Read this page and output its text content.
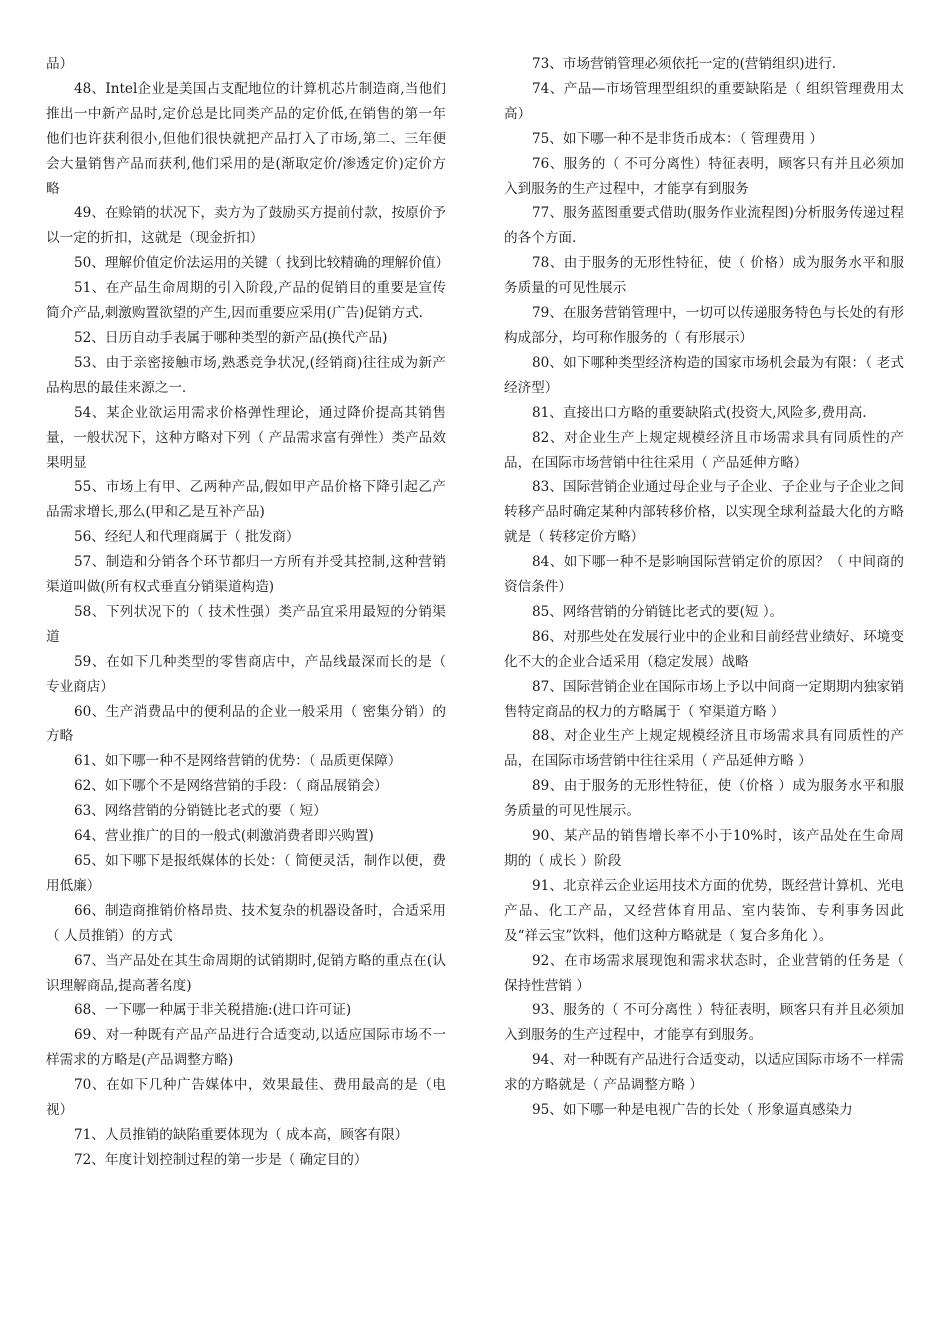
品）

48、Intel企业是美国占支配地位的计算机芯片制造商,当他们推出一中新产品时,定价总是比同类产品的定价低,在销售的第一年他们也许获利很小,但他们很快就把产品打入了市场,第二、三年便会大量销售产品而获利,他们采用的是(渐取定价/渗透定价)定价方略

49、在赊销的状况下，卖方为了鼓励买方提前付款，按原价予以一定的折扣，这就是（现金折扣）

50、理解价值定价法运用的关键（ 找到比较精确的理解价值）

51、在产品生命周期的引入阶段,产品的促销目的重要是宣传简介产品,刺激购置欲望的产生,因而重要应采用(广告)促销方式.

52、日历自动手表属于哪种类型的新产品(换代产品)

53、由于亲密接触市场,熟悉竞争状况,(经销商)往往成为新产品构思的最佳来源之一.

54、某企业欲运用需求价格弹性理论，通过降价提高其销售量，一般状况下，这种方略对下列（ 产品需求富有弹性）类产品效果明显

55、市场上有甲、乙两种产品,假如甲产品价格下降引起乙产品需求增长,那么(甲和乙是互补产品)

56、经纪人和代理商属于（ 批发商）

57、制造和分销各个环节都归一方所有并受其控制,这种营销渠道叫做(所有权式垂直分销渠道构造)

58、下列状况下的（ 技术性强）类产品宜采用最短的分销渠道

59、在如下几种类型的零售商店中，产品线最深而长的是（ 专业商店）

60、生产消费品中的便利品的企业一般采用（ 密集分销）的方略

61、如下哪一种不是网络营销的优势：（ 品质更保障）

62、如下哪个不是网络营销的手段：（ 商品展销会）

63、网络营销的分销链比老式的要（ 短）

64、营业推广的目的一般式(刺激消费者即兴购置)

65、如下哪下是报纸媒体的长处：（ 简便灵活，制作以便，费用低廉）

66、制造商推销价格昂贵、技术复杂的机器设备时，合适采用（ 人员推销）的方式

67、当产品处在其生命周期的试销期时,促销方略的重点在(认识理解商品,提高著名度)

68、一下哪一种属于非关税措施:(进口许可证)

69、对一种既有产品产品进行合适变动,以适应国际市场不一样需求的方略是(产品调整方略)

70、在如下几种广告媒体中，效果最佳、费用最高的是（电视）

71、人员推销的缺陷重要体现为（ 成本高，顾客有限）

72、年度计划控制过程的第一步是（ 确定目的）

73、市场营销管理必须依托一定的(营销组织)进行.

74、产品—市场管理型组织的重要缺陷是（ 组织管理费用太高）

75、如下哪一种不是非货币成本：（ 管理费用 ）

76、服务的（ 不可分离性）特征表明，顾客只有并且必须加入到服务的生产过程中，才能享有到服务

77、服务蓝图重要式借助(服务作业流程图)分析服务传递过程的各个方面.

78、由于服务的无形性特征，使（ 价格）成为服务水平和服务质量的可见性展示

79、在服务营销管理中，一切可以传递服务特色与长处的有形构成部分，均可称作服务的（ 有形展示）

80、如下哪种类型经济构造的国家市场机会最为有限：（ 老式经济型）

81、直接出口方略的重要缺陷式(投资大,风险多,费用高.

82、对企业生产上规定规模经济且市场需求具有同质性的产品，在国际市场营销中往往采用（ 产品延伸方略）

83、国际营销企业通过母企业与子企业、子企业与子企业之间转移产品时确定某种内部转移价格，以实现全球利益最大化的方略就是（ 转移定价方略）

84、如下哪一种不是影响国际营销定价的原因？（ 中间商的资信条件）

85、网络营销的分销链比老式的要(短 ）。

86、对那些处在发展行业中的企业和目前经营业绩好、环境变化不大的企业合适采用（稳定发展）战略

87、国际营销企业在国际市场上予以中间商一定期期内独家销售特定商品的权力的方略属于（ 窄渠道方略 ）

88、对企业生产上规定规模经济且市场需求具有同质性的产品，在国际市场营销中往往采用（ 产品延伸方略 ）

89、由于服务的无形性特征，使（价格 ）成为服务水平和服务质量的可见性展示。

90、某产品的销售增长率不小于10%时，该产品处在生命周期的（ 成长 ）阶段

91、北京祥云企业运用技术方面的优势，既经营计算机、光电产品、化工产品，又经营体育用品、室内装饰、专利事务因此及“祥云宝”饮料，他们这种方略就是（ 复合多角化 ）。

92、在市场需求展现饱和需求状态时，企业营销的任务是（ 保持性营销 ）

93、服务的（ 不可分离性 ）特征表明，顾客只有并且必须加入到服务的生产过程中，才能享有到服务。

94、对一种既有产品进行合适变动，以适应国际市场不一样需求的方略就是（ 产品调整方略 ）

95、如下哪一种是电视广告的长处（ 形象逼真感染力
